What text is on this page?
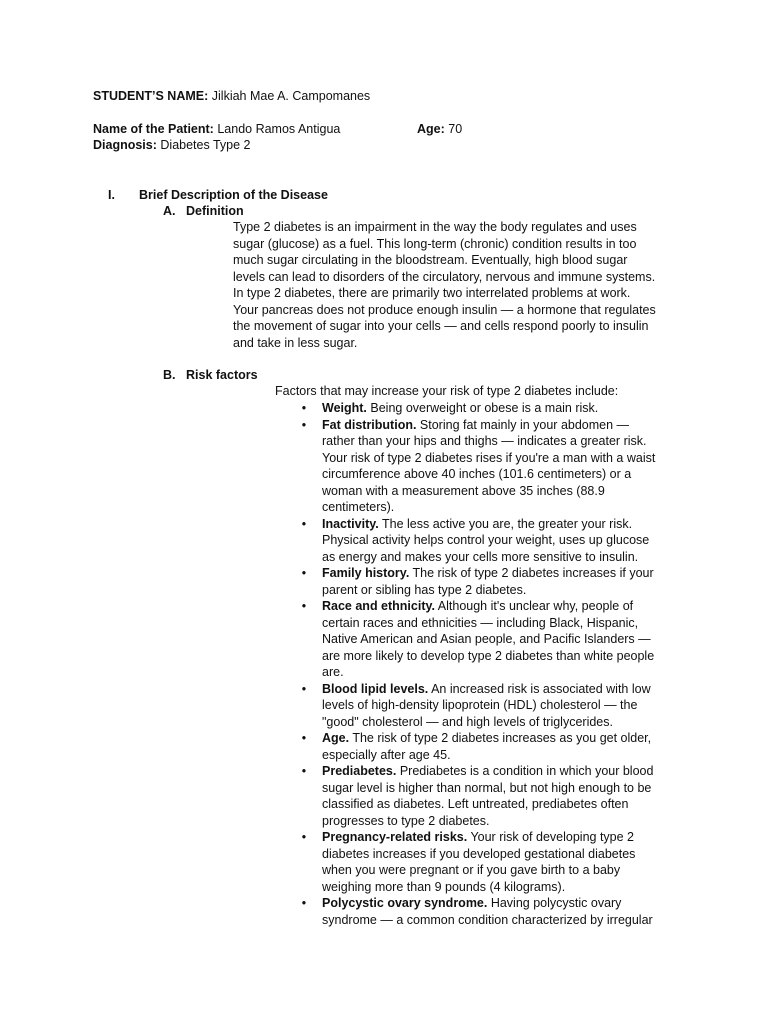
STUDENT’S NAME: Jilkiah Mae A. Campomanes
Name of the Patient: Lando Ramos Antigua	Age: 70
Diagnosis: Diabetes Type 2
I. Brief Description of the Disease
A. Definition

Type 2 diabetes is an impairment in the way the body regulates and uses
sugar (glucose) as a fuel. This long-term (chronic) condition results in too
much sugar circulating in the bloodstream. Eventually, high blood sugar
levels can lead to disorders of the circulatory, nervous and immune systems.
In type 2 diabetes, there are primarily two interrelated problems at work.
Your pancreas does not produce enough insulin — a hormone that regulates
the movement of sugar into your cells — and cells respond poorly to insulin
and take in less sugar.

B. Risk factors
Factors that may increase your risk of type 2 diabetes include:
• Weight. Being overweight or obese is a main risk.
• Fat distribution. Storing fat mainly in your abdomen —
rather than your hips and thighs — indicates a greater risk.
Your risk of type 2 diabetes rises if you're a man with a waist
circumference above 40 inches (101.6 centimeters) or a
woman with a measurement above 35 inches (88.9
centimeters).
• Inactivity. The less active you are, the greater your risk.
Physical activity helps control your weight, uses up glucose
as energy and makes your cells more sensitive to insulin.
• Family history. The risk of type 2 diabetes increases if your
parent or sibling has type 2 diabetes.
• Race and ethnicity. Although it's unclear why, people of
certain races and ethnicities — including Black, Hispanic,
Native American and Asian people, and Pacific Islanders —
are more likely to develop type 2 diabetes than white people
are.
• Blood lipid levels. An increased risk is associated with low
levels of high-density lipoprotein (HDL) cholesterol — the
"good" cholesterol — and high levels of triglycerides.
• Age. The risk of type 2 diabetes increases as you get older,
especially after age 45.
• Prediabetes. Prediabetes is a condition in which your blood
sugar level is higher than normal, but not high enough to be
classified as diabetes. Left untreated, prediabetes often
progresses to type 2 diabetes.
• Pregnancy-related risks. Your risk of developing type 2
diabetes increases if you developed gestational diabetes
when you were pregnant or if you gave birth to a baby
weighing more than 9 pounds (4 kilograms).
• Polycystic ovary syndrome. Having polycystic ovary
syndrome — a common condition characterized by irregular
